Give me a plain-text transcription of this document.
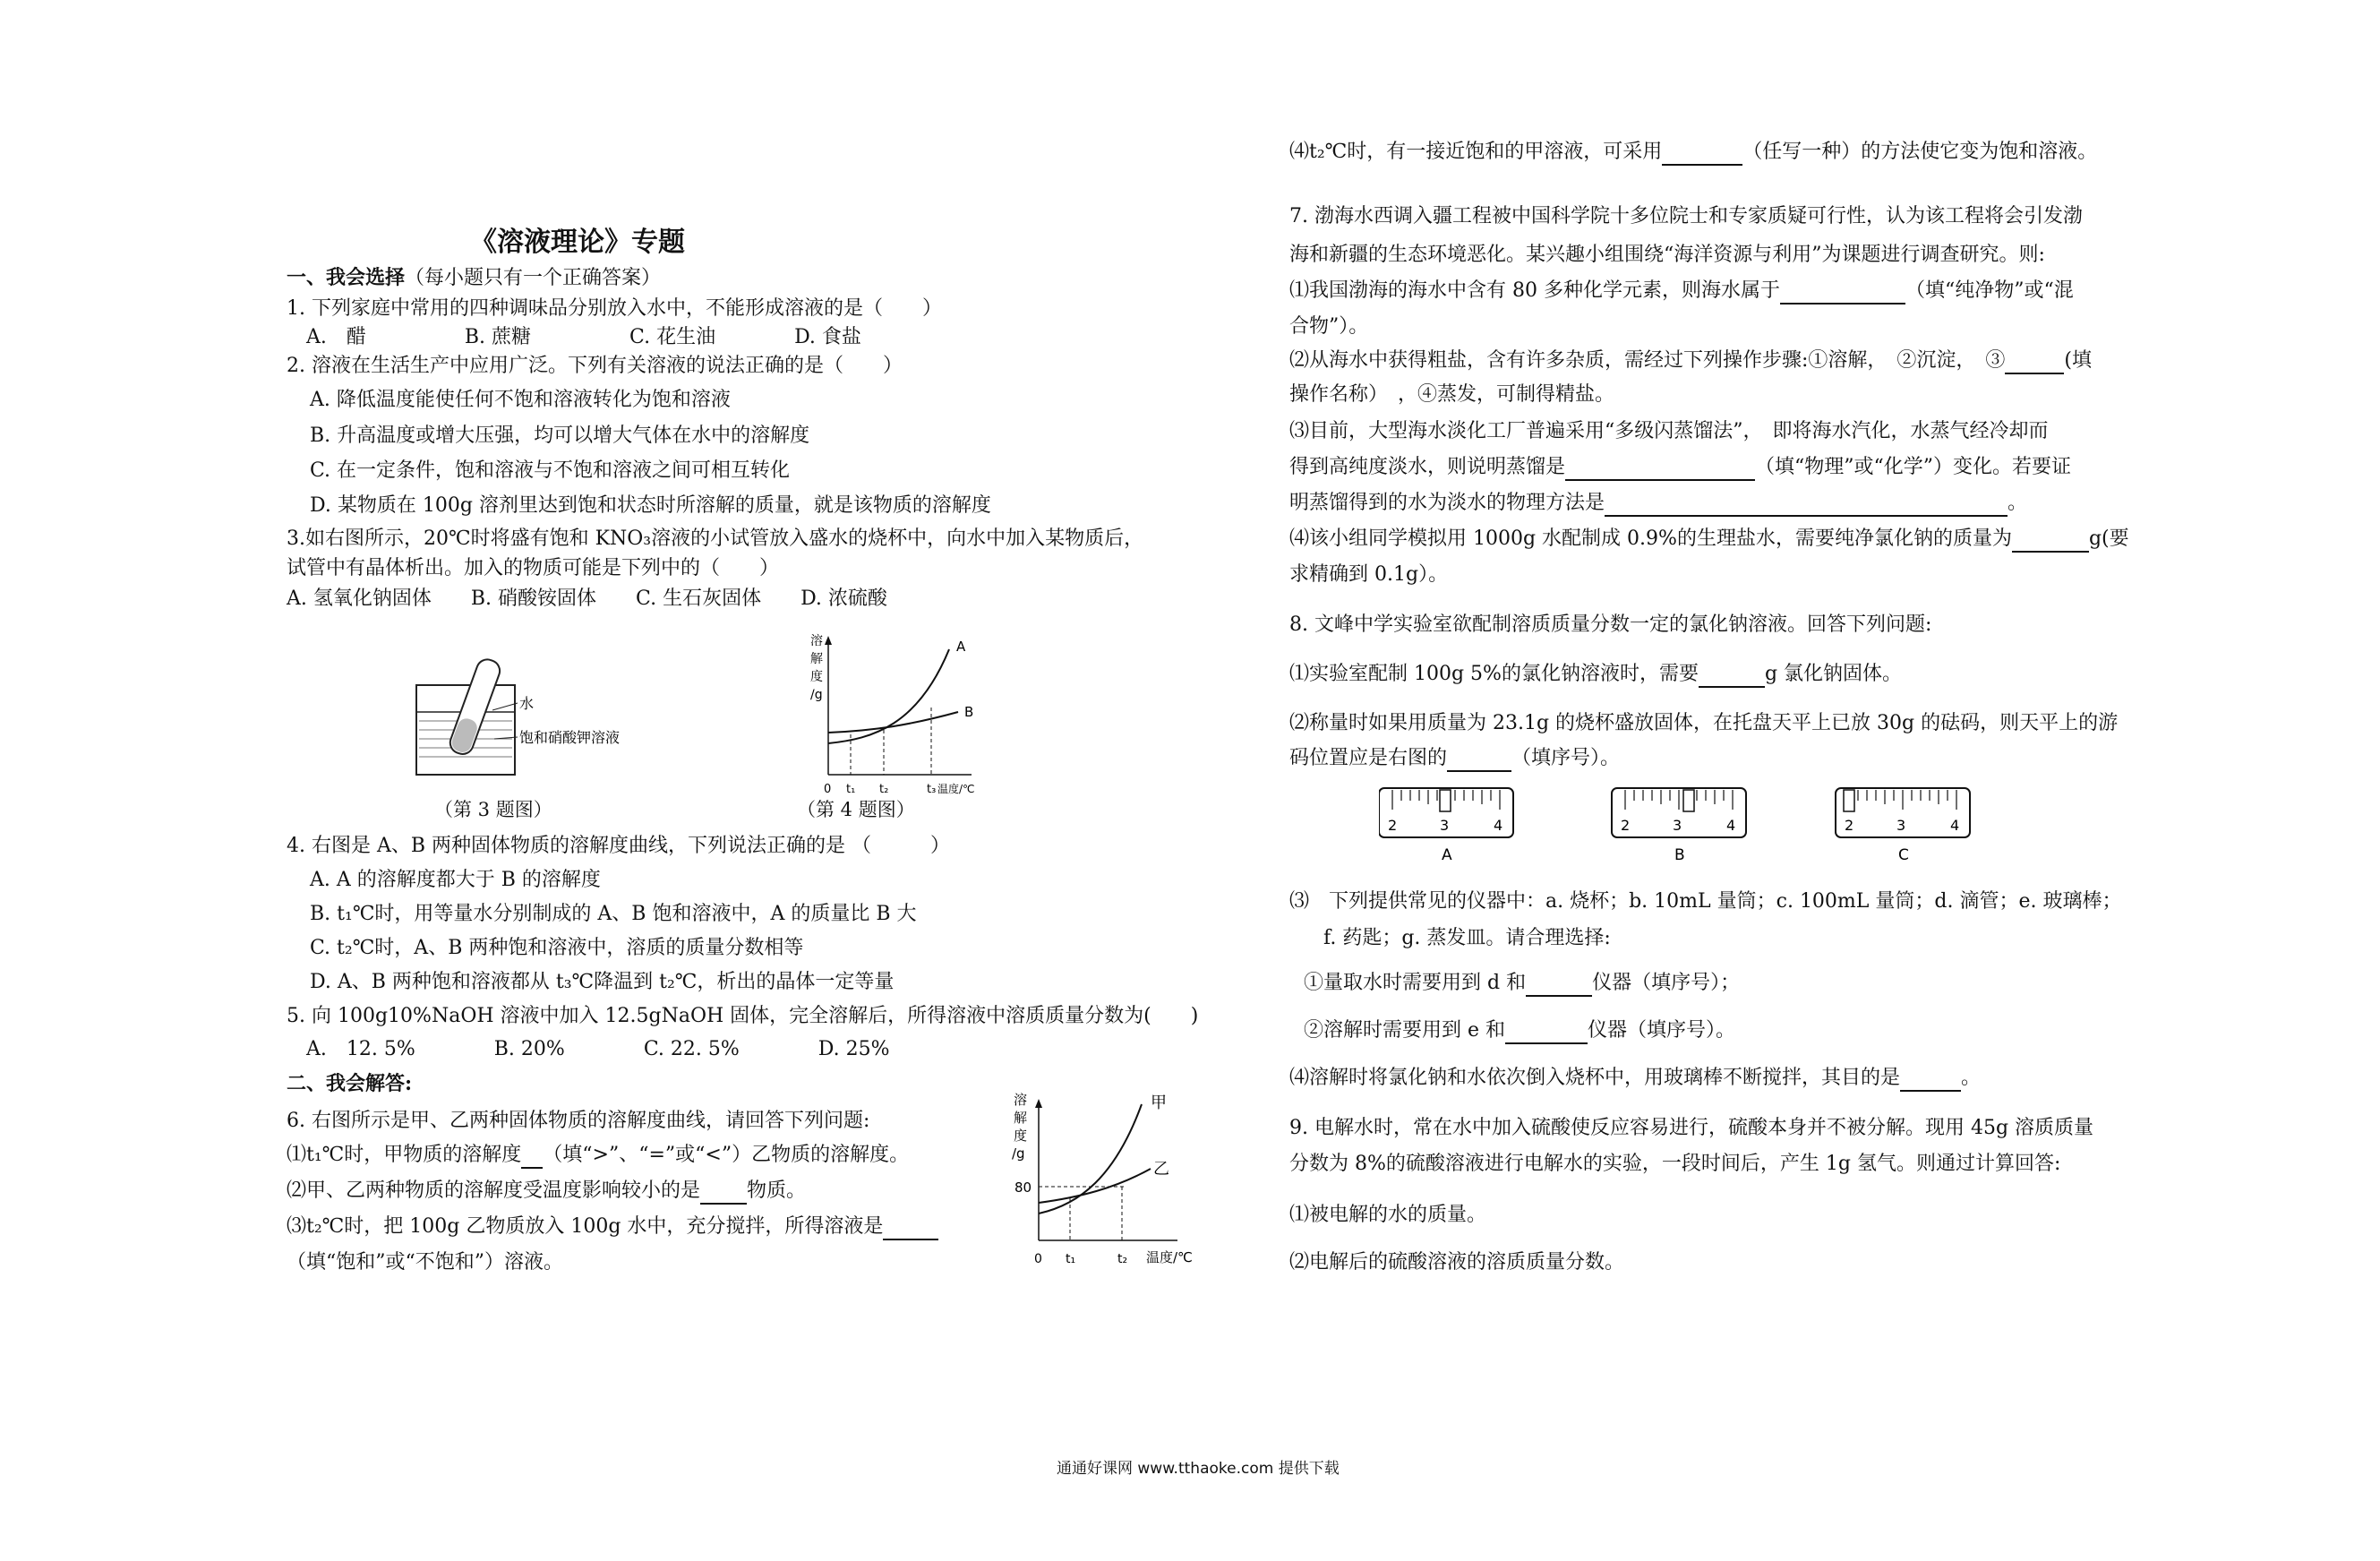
《溶液理论》专题
一、我会选择（每小题只有一个正确答案）
1. 下列家庭中常用的四种调味品分别放入水中，不能形成溶液的是（　　）
　A.　醋　　　　　B. 蔗糖　　　　　C. 花生油　　　　D. 食盐
2. 溶液在生活生产中应用广泛。下列有关溶液的说法正确的是（　　）
A. 降低温度能使任何不饱和溶液转化为饱和溶液
B. 升高温度或增大压强，均可以增大气体在水中的溶解度
C. 在一定条件，饱和溶液与不饱和溶液之间可相互转化
D. 某物质在 100g 溶剂里达到饱和状态时所溶解的质量，就是该物质的溶解度
3.如右图所示，20℃时将盛有饱和 KNO₃溶液的小试管放入盛水的烧杯中，向水中加入某物质后，
试管中有晶体析出。加入的物质可能是下列中的（　　）
A. 氢氧化钠固体　　B. 硝酸铵固体　　C. 生石灰固体　　D. 浓硫酸
水
饱和硝酸钾溶液
（第 3 题图）
溶
解
度
/g
A
B
0 t₁ t₂	t₃ 温度/℃
（第 4 题图）
4. 右图是 A、B 两种固体物质的溶解度曲线，下列说法正确的是 （　　　）
A. A 的溶解度都大于 B 的溶解度
B. t₁℃时，用等量水分别制成的 A、B 饱和溶液中，A 的质量比 B 大
C. t₂℃时，A、B 两种饱和溶液中，溶质的质量分数相等
D. A、B 两种饱和溶液都从 t₃℃降温到 t₂℃，析出的晶体一定等量
5. 向 100g10%NaOH 溶液中加入 12.5gNaOH 固体，完全溶解后，所得溶液中溶质质量分数为(　　)
　A.　12. 5%　　　　B. 20%　　　　C. 22. 5%　　　　D. 25%
二、我会解答:
6. 右图所示是甲、乙两种固体物质的溶解度曲线，请回答下列问题:
⑴t₁℃时，甲物质的溶解度 （填“>”、“=”或“<”）乙物质的溶解度。
⑵甲、乙两种物质的溶解度受温度影响较小的是 物质。
⑶t₂℃时，把 100g 乙物质放入 100g 水中，充分搅拌，所得溶液是
（填“饱和”或“不饱和”）溶液。
溶
解
度
/g
甲
乙
80
0 t₁	t₂ 温度/℃
⑷t₂℃时，有一接近饱和的甲溶液，可采用	（任写一种）的方法使它变为饱和溶液。
7. 渤海水西调入疆工程被中国科学院十多位院士和专家质疑可行性，认为该工程将会引发渤
海和新疆的生态环境恶化。某兴趣小组围绕“海洋资源与利用”为课题进行调查研究。则:
⑴我国渤海的海水中含有 80 多种化学元素，则海水属于	（填“纯净物”或“混
合物”）。
⑵从海水中获得粗盐，含有许多杂质，需经过下列操作步骤:①溶解，　②沉淀，　③	(填
操作名称）　，④蒸发，可制得精盐。
⑶目前，大型海水淡化工厂普遍采用“多级闪蒸馏法”，　即将海水汽化，水蒸气经冷却而
得到高纯度淡水，则说明蒸馏是	（填“物理”或“化学”）变化。若要证
明蒸馏得到的水为淡水的物理方法是	。
⑷该小组同学模拟用 1000g 水配制成 0.9%的生理盐水，需要纯净氯化钠的质量为	g(要
求精确到 0.1g）。
8. 文峰中学实验室欲配制溶质质量分数一定的氯化钠溶液。回答下列问题:
⑴实验室配制 100g 5%的氯化钠溶液时，需要	g 氯化钠固体。
⑵称量时如果用质量为 23.1g 的烧杯盛放固体，在托盘天平上已放 30g 的砝码，则天平上的游
码位置应是右图的	（填序号）。
2	3	4
A
2	3	4
B
2	3	4
C
⑶　下列提供常见的仪器中：a. 烧杯；b. 10mL 量筒；c. 100mL 量筒；d. 滴管；e. 玻璃棒；
　f. 药匙；g. 蒸发皿。请合理选择:
①量取水时需要用到 d 和	仪器（填序号）；
②溶解时需要用到 e 和	仪器（填序号）。
⑷溶解时将氯化钠和水依次倒入烧杯中，用玻璃棒不断搅拌，其目的是	。
9. 电解水时，常在水中加入硫酸使反应容易进行，硫酸本身并不被分解。现用 45g 溶质质量
分数为 8%的硫酸溶液进行电解水的实验，一段时间后，产生 1g 氢气。则通过计算回答:
⑴被电解的水的质量。
⑵电解后的硫酸溶液的溶质质量分数。
通通好课网 www.tthaoke.com 提供下载
